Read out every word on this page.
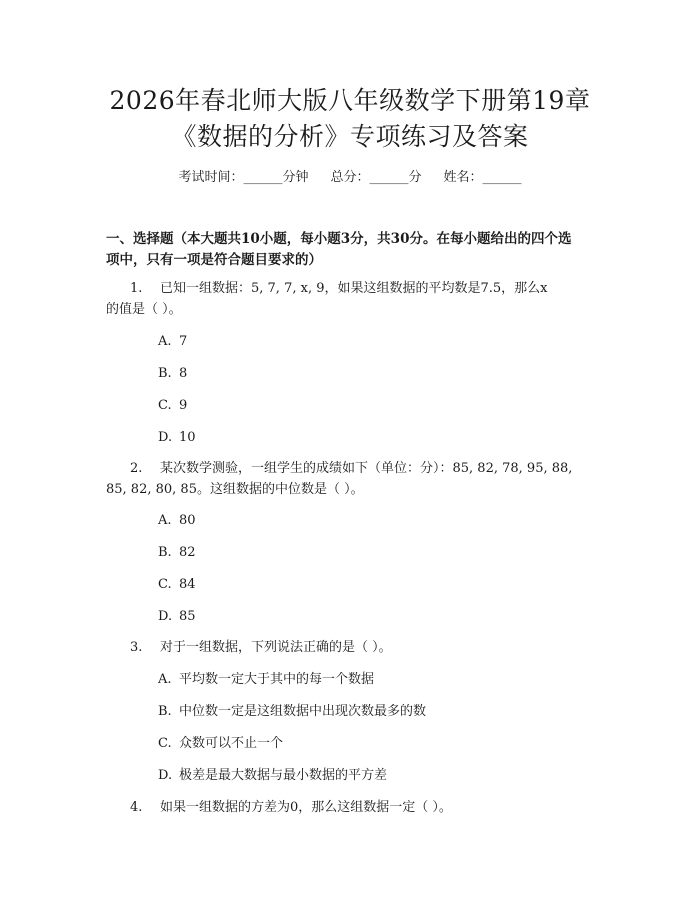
2026年春北师大版八年级数学下册第19章
《数据的分析》专项练习及答案
考试时间：______分钟 总分：______分 姓名：______
一、选择题（本大题共10小题，每小题3分，共30分。在每小题给出的四个选
项中，只有一项是符合题目要求的）
1. 已知一组数据：5, 7, 7, x, 9，如果这组数据的平均数是7.5，那么x
的值是（ ）。
A. 7
B. 8
C. 9
D. 10
2. 某次数学测验，一组学生的成绩如下（单位：分）：85, 82, 78, 95, 88,
85, 82, 80, 85。这组数据的中位数是（ ）。
A. 80
B. 82
C. 84
D. 85
3. 对于一组数据，下列说法正确的是（ ）。
A. 平均数一定大于其中的每一个数据
B. 中位数一定是这组数据中出现次数最多的数
C. 众数可以不止一个
D. 极差是最大数据与最小数据的平方差
4. 如果一组数据的方差为0，那么这组数据一定（ ）。
